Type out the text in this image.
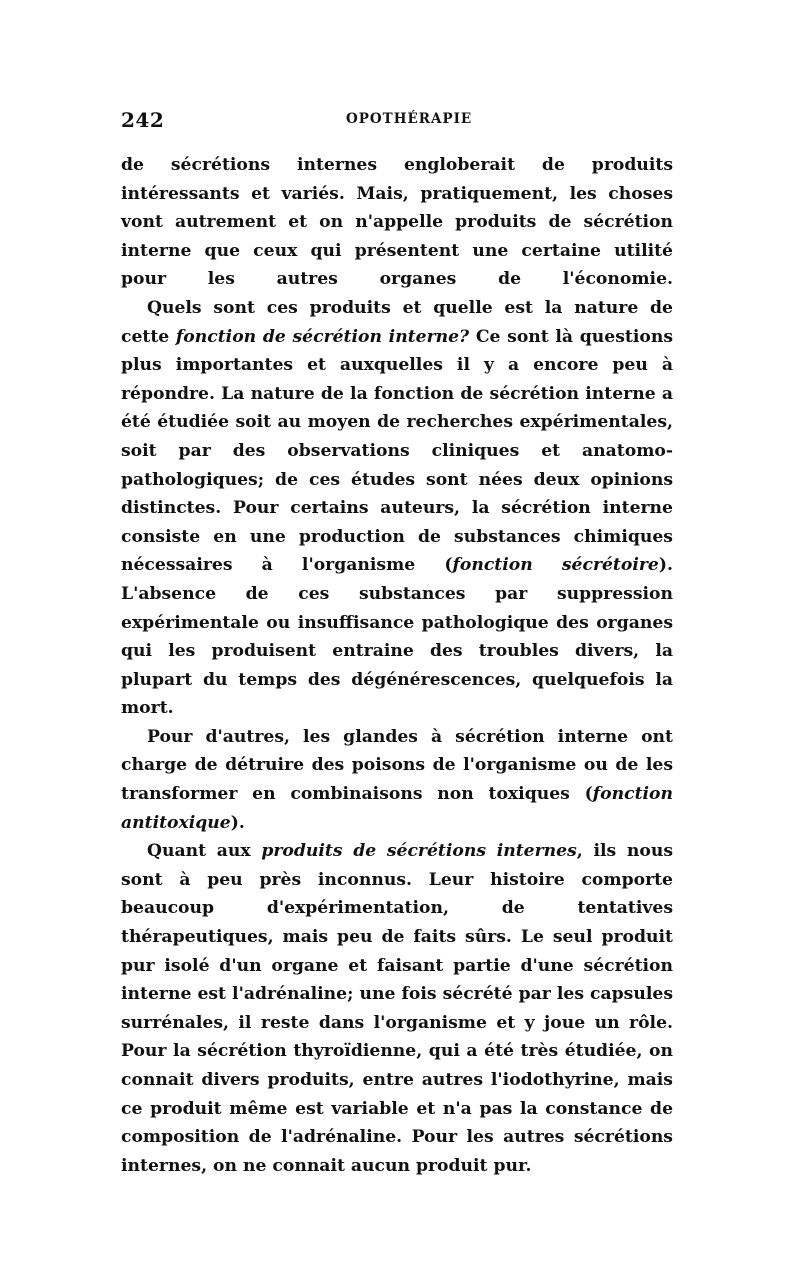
242	OPOTHÉRAPIE

de sécrétions internes engloberait de produits intéressants et variés. Mais, pratiquement, les choses vont autrement et on n'appelle produits de sécrétion interne que ceux qui présentent une certaine utilité pour les autres organes de l'économie.

Quels sont ces produits et quelle est la nature de cette fonction de sécrétion interne? Ce sont là questions plus importantes et auxquelles il y a encore peu à répondre. La nature de la fonction de sécrétion interne a été étudiée soit au moyen de recherches expérimentales, soit par des observations cliniques et anatomo-pathologiques; de ces études sont nées deux opinions distinctes. Pour certains auteurs, la sécrétion interne consiste en une production de substances chimiques nécessaires à l'organisme (fonction sécrétoire). L'absence de ces substances par suppression expérimentale ou insuffisance pathologique des organes qui les produisent entraine des troubles divers, la plupart du temps des dégénérescences, quelquefois la mort.

Pour d'autres, les glandes à sécrétion interne ont charge de détruire des poisons de l'organisme ou de les transformer en combinaisons non toxiques (fonction antitoxique).

Quant aux produits de sécrétions internes, ils nous sont à peu près inconnus. Leur histoire comporte beaucoup d'expérimentation, de tentatives thérapeutiques, mais peu de faits sûrs. Le seul produit pur isolé d'un organe et faisant partie d'une sécrétion interne est l'adrénaline; une fois sécrété par les capsules surrénales, il reste dans l'organisme et y joue un rôle. Pour la sécrétion thyroïdienne, qui a été très étudiée, on connait divers produits, entre autres l'iodothyrine, mais ce produit même est variable et n'a pas la constance de composition de l'adrénaline. Pour les autres sécrétions internes, on ne connait aucun produit pur.
